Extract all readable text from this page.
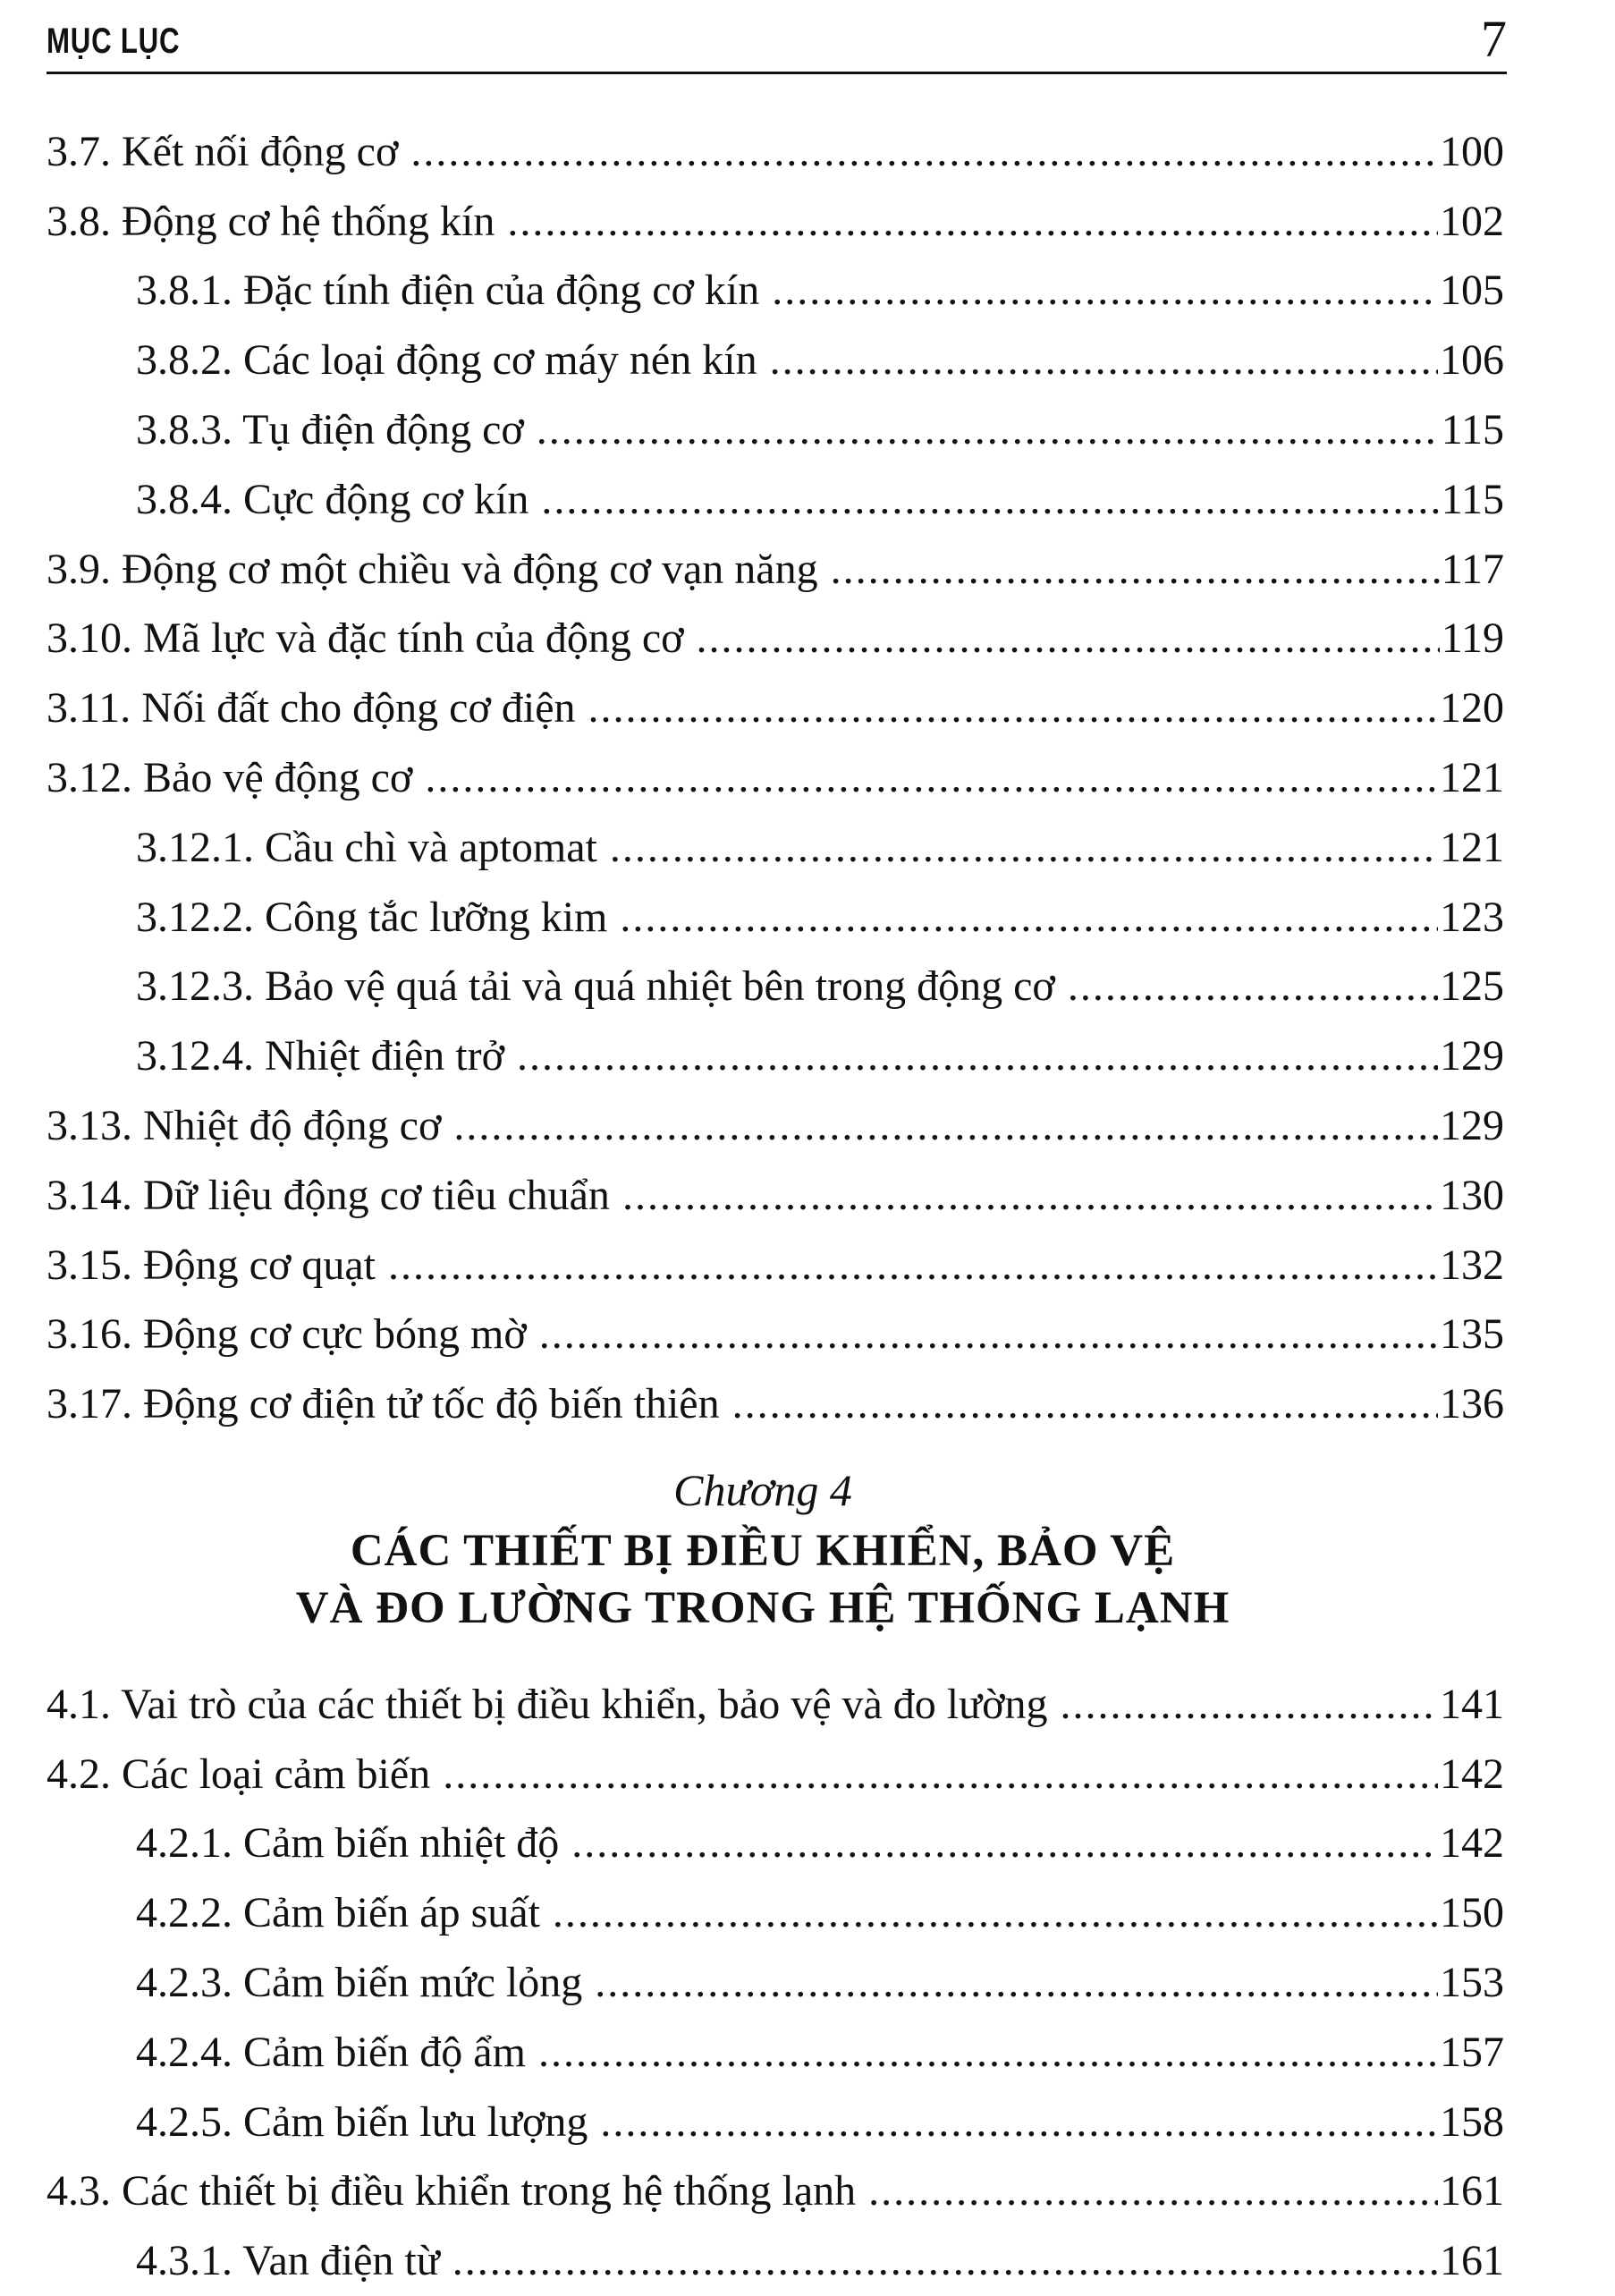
MỤC LỤC	7
3.7. Kết nối động cơ .....	100
3.8. Động cơ hệ thống kín .....	102
3.8.1. Đặc tính điện của động cơ kín .....	105
3.8.2. Các loại động cơ máy nén kín .....	106
3.8.3. Tụ điện động cơ .....	115
3.8.4. Cực động cơ kín .....	115
3.9. Động cơ một chiều và động cơ vạn năng .....	117
3.10. Mã lực và đặc tính của động cơ .....	119
3.11. Nối đất cho động cơ điện .....	120
3.12. Bảo vệ động cơ .....	121
3.12.1. Cầu chì và aptomat .....	121
3.12.2. Công tắc lưỡng kim .....	123
3.12.3. Bảo vệ quá tải và quá nhiệt bên trong động cơ .....	125
3.12.4. Nhiệt điện trở .....	129
3.13. Nhiệt độ động cơ .....	129
3.14. Dữ liệu động cơ tiêu chuẩn .....	130
3.15. Động cơ quạt .....	132
3.16. Động cơ cực bóng mờ .....	135
3.17. Động cơ điện tử tốc độ biến thiên .....	136
Chương 4
CÁC THIẾT BỊ ĐIỀU KHIỂN, BẢO VỆ
VÀ ĐO LƯỜNG TRONG HỆ THỐNG LẠNH
4.1. Vai trò của các thiết bị điều khiển, bảo vệ và đo lường .....	141
4.2. Các loại cảm biến .....	142
4.2.1. Cảm biến nhiệt độ .....	142
4.2.2. Cảm biến áp suất .....	150
4.2.3. Cảm biến mức lỏng .....	153
4.2.4. Cảm biến độ ẩm .....	157
4.2.5. Cảm biến lưu lượng .....	158
4.3. Các thiết bị điều khiển trong hệ thống lạnh .....	161
4.3.1. Van điện từ .....	161
